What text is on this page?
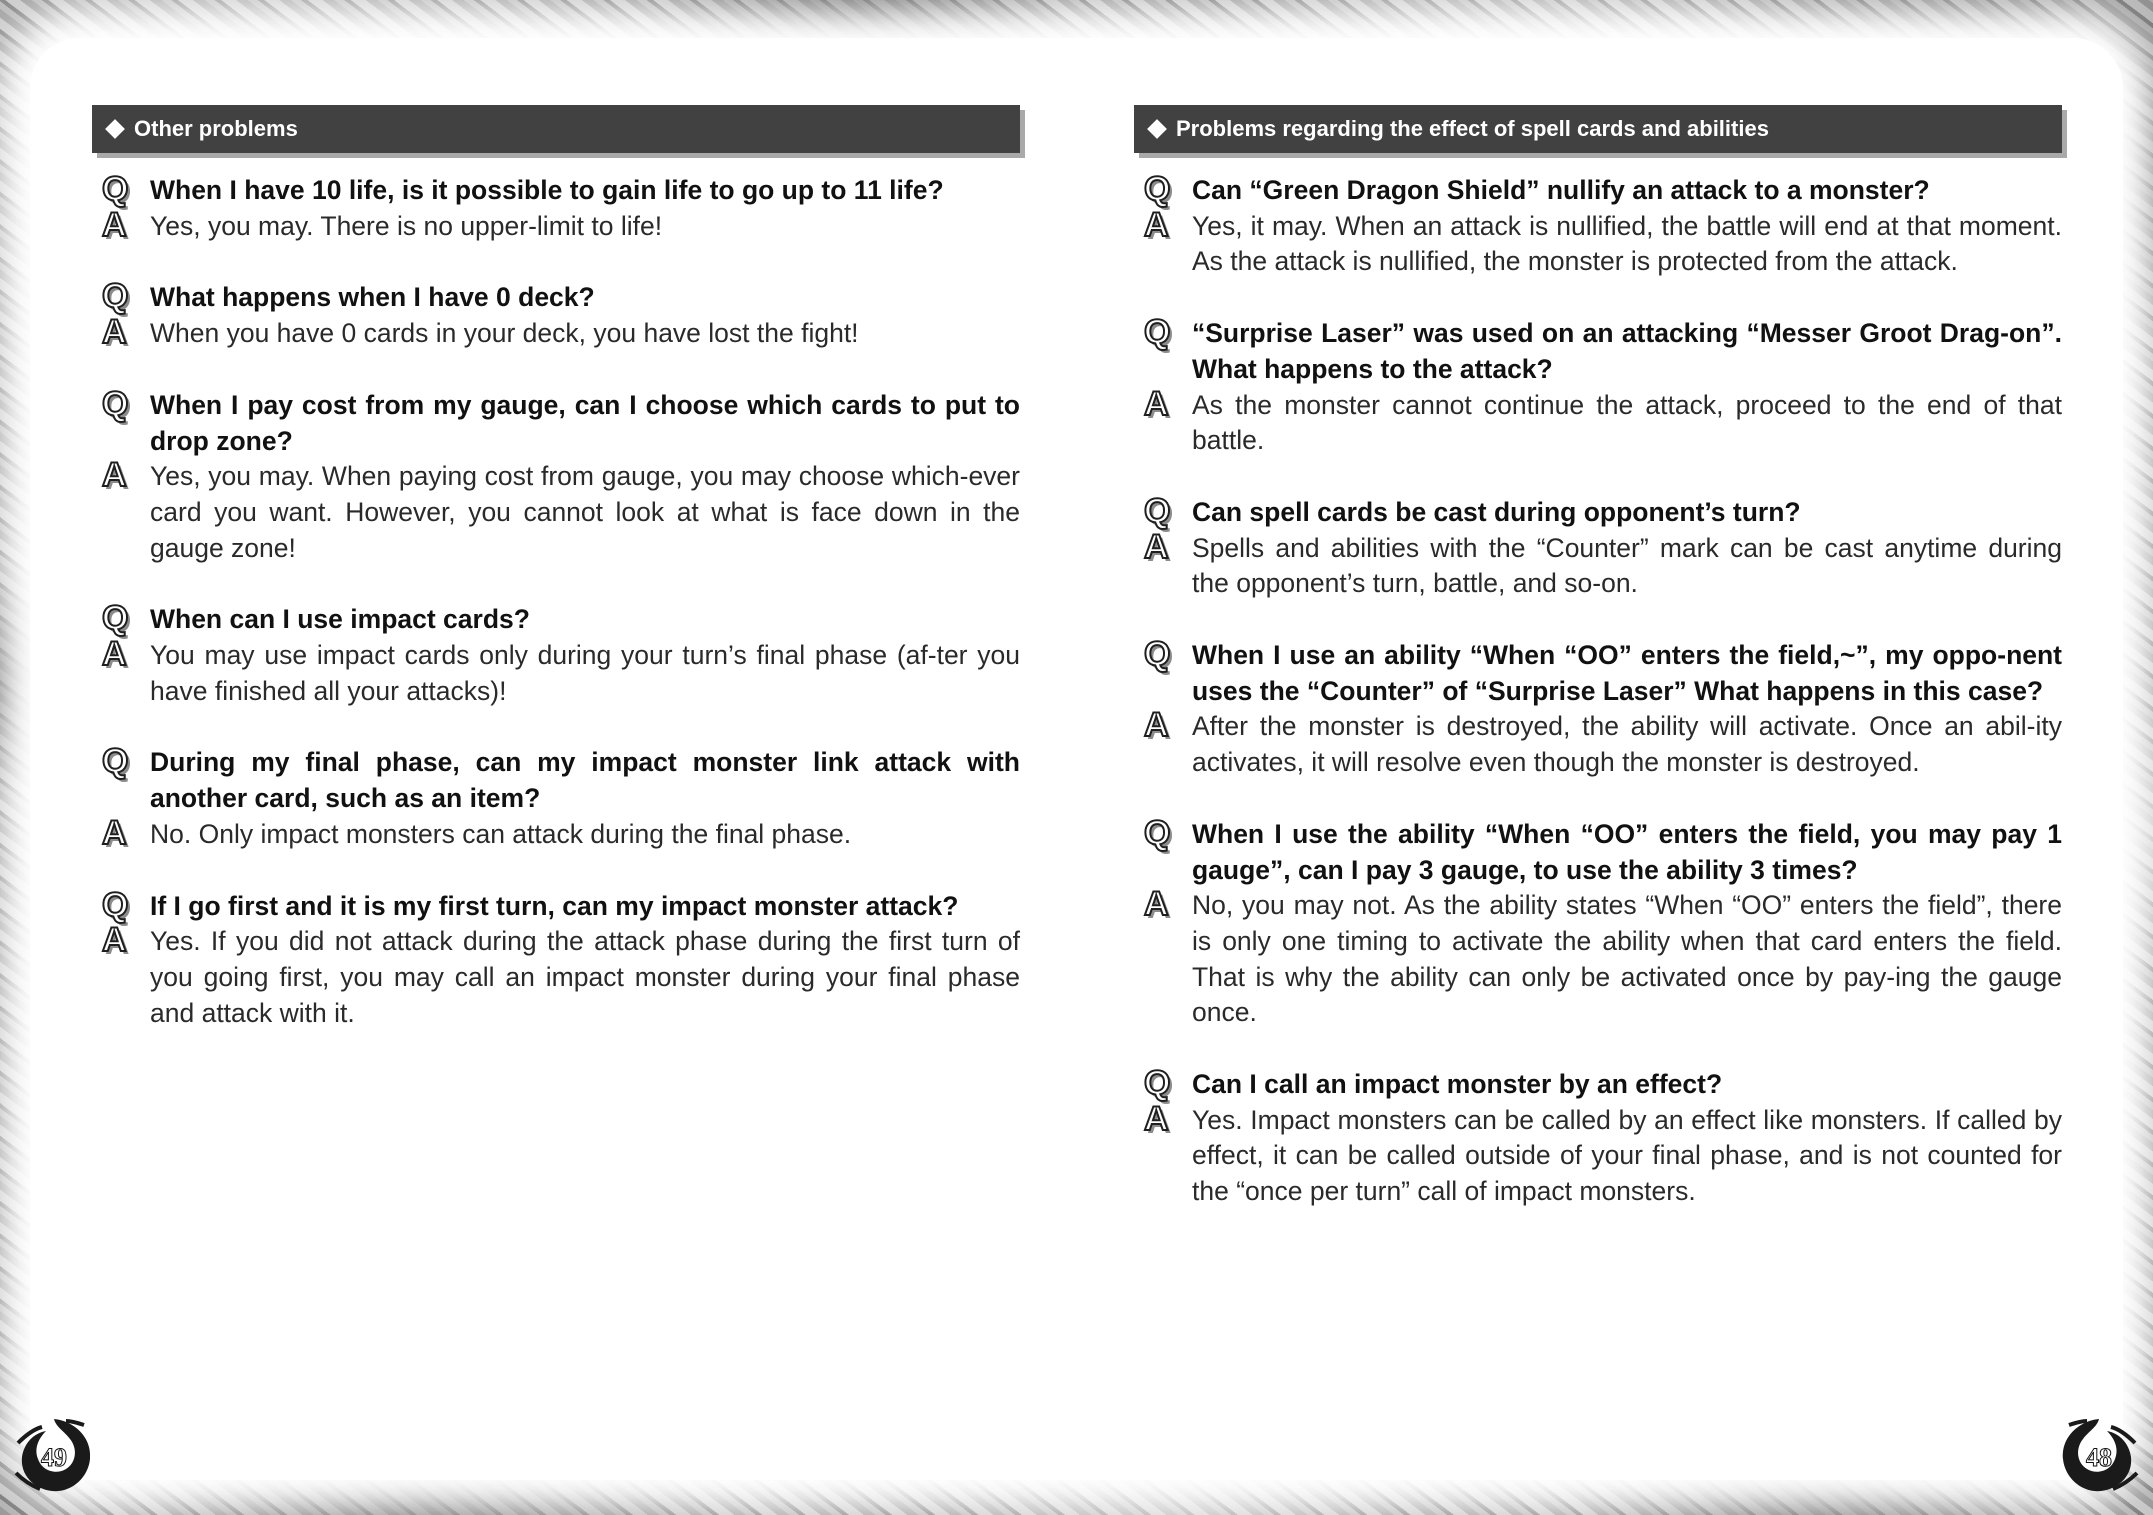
Other problems
Q When I have 10 life, is it possible to gain life to go up to 11 life?
A Yes, you may. There is no upper-limit to life!
Q What happens when I have 0 deck?
A When you have 0 cards in your deck, you have lost the fight!
Q When I pay cost from my gauge, can I choose which cards to put to drop zone?
A Yes, you may. When paying cost from gauge, you may choose which-ever card you want. However, you cannot look at what is face down in the gauge zone!
Q When can I use impact cards?
A You may use impact cards only during your turn’s final phase (af-ter you have finished all your attacks)!
Q During my final phase, can my impact monster link attack with another card, such as an item?
A No. Only impact monsters can attack during the final phase.
Q If I go first and it is my first turn, can my impact monster attack?
A Yes. If you did not attack during the attack phase during the first turn of you going first, you may call an impact monster during your final phase and attack with it.
Problems regarding the effect of spell cards and abilities
Q Can “Green Dragon Shield” nullify an attack to a monster?
A Yes, it may. When an attack is nullified, the battle will end at that moment. As the attack is nullified, the monster is protected from the attack.
Q “Surprise Laser” was used on an attacking “Messer Groot Drag-on”. What happens to the attack?
A As the monster cannot continue the attack, proceed to the end of that battle.
Q Can spell cards be cast during opponent’s turn?
A Spells and abilities with the “Counter” mark can be cast anytime during the opponent’s turn, battle, and so-on.
Q When I use an ability “When “OO” enters the field,~”, my oppo-nent uses the “Counter” of “Surprise Laser” What happens in this case?
A After the monster is destroyed, the ability will activate. Once an abil-ity activates, it will resolve even though the monster is destroyed.
Q When I use the ability “When “OO” enters the field, you may pay 1 gauge”, can I pay 3 gauge, to use the ability 3 times?
A No, you may not. As the ability states “When “OO” enters the field”, there is only one timing to activate the ability when that card enters the field. That is why the ability can only be activated once by pay-ing the gauge once.
Q Can I call an impact monster by an effect?
A Yes. Impact monsters can be called by an effect like monsters. If called by effect, it can be called outside of your final phase, and is not counted for the “once per turn” call of impact monsters.
49	48
